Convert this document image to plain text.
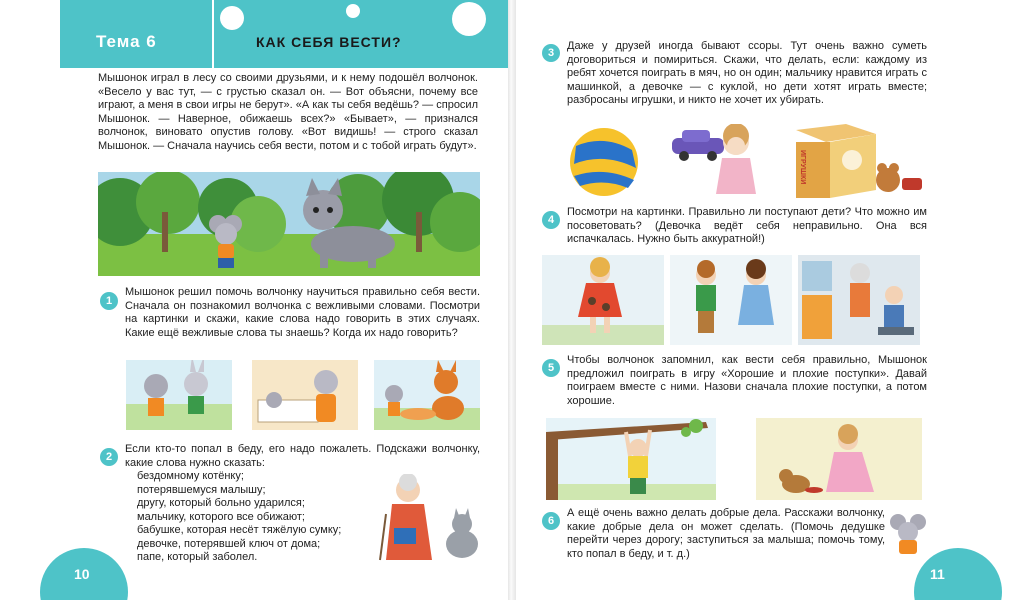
Тема 6	КАК СЕБЯ ВЕСТИ?

Мышонок играл в лесу со своими друзьями, и к нему подошёл волчонок. «Весело у вас тут, — с грустью сказал он. — Вот объясни, почему все играют, а меня в свои игры не берут». «А как ты себя ведёшь? — спросил Мышонок. — Наверное, обижаешь всех?» «Бывает», — признался волчонок, виновато опустив голову. «Вот видишь! — строго сказал Мышонок. — Сначала научись себя вести, потом и с тобой играть будут».

1

Мышонок решил помочь волчонку научиться правильно себя вести. Сначала он познакомил волчонка с вежливыми словами. Посмотри на картинки и скажи, какие слова надо говорить в этих случаях. Какие ещё вежливые слова ты знаешь? Когда их надо говорить?

2

Если кто-то попал в беду, его надо пожалеть. Подскажи волчонку, какие слова нужно сказать:

бездомному котёнку;
потерявшемуся малышу;
другу, который больно ударился;
мальчику, которого все обижают;
бабушке, которая несёт тяжёлую сумку;
девочке, потерявшей ключ от дома;
папе, который заболел.
10
3

Даже у друзей иногда бывают ссоры. Тут очень важно суметь договориться и помириться. Скажи, что делать, если: каждому из ребят хочется поиграть в мяч, но он один; мальчику нравится играть с машинкой, а девочке — с куклой, но дети хотят играть вместе; разбросаны игрушки, и никто не хочет их убирать.

ИГРУШКИ
4

Посмотри на картинки. Правильно ли поступают дети? Что можно им посоветовать? (Девочка ведёт себя неправильно. Она вся испачкалась. Нужно быть аккуратной!)

5

Чтобы волчонок запомнил, как вести себя правильно, Мышонок предложил поиграть в игру «Хорошие и плохие поступки». Давай поиграем вместе с ними. Назови сначала плохие поступки, а потом хорошие.

6

А ещё очень важно делать добрые дела. Расскажи волчонку, какие добрые дела он может сделать. (Помочь дедушке перейти через дорогу; заступиться за малыша; помочь тому, кто попал в беду, и т. д.)

11
